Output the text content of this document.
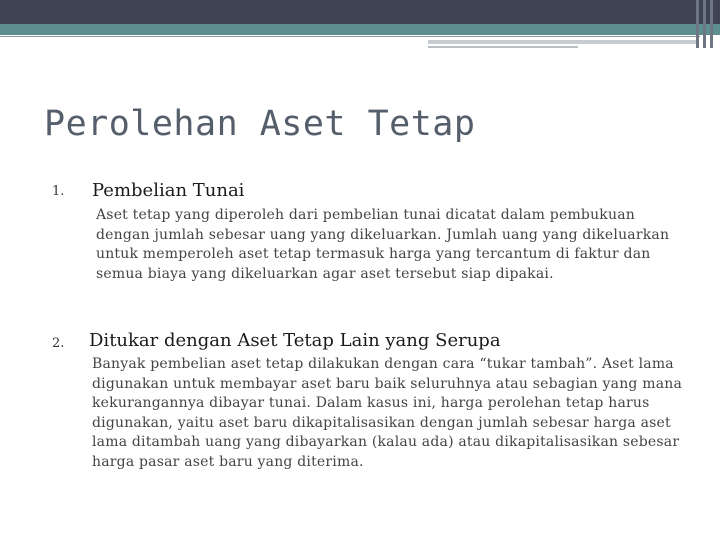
Perolehan Aset Tetap
1. Pembelian Tunai
Aset tetap yang diperoleh dari pembelian tunai dicatat dalam pembukuan dengan jumlah sebesar uang yang dikeluarkan. Jumlah uang yang dikeluarkan untuk memperoleh aset tetap termasuk harga yang tercantum di faktur dan semua biaya yang dikeluarkan agar aset tersebut siap dipakai.
2. Ditukar dengan Aset Tetap Lain yang Serupa
Banyak pembelian aset tetap dilakukan dengan cara “tukar tambah”. Aset lama digunakan untuk membayar aset baru baik seluruhnya atau sebagian yang mana kekurangannya dibayar tunai. Dalam kasus ini, harga perolehan tetap harus digunakan, yaitu aset baru dikapitalisasikan dengan jumlah sebesar harga aset lama ditambah uang yang dibayarkan (kalau ada) atau dikapitalisasikan sebesar harga pasar aset baru yang diterima.
